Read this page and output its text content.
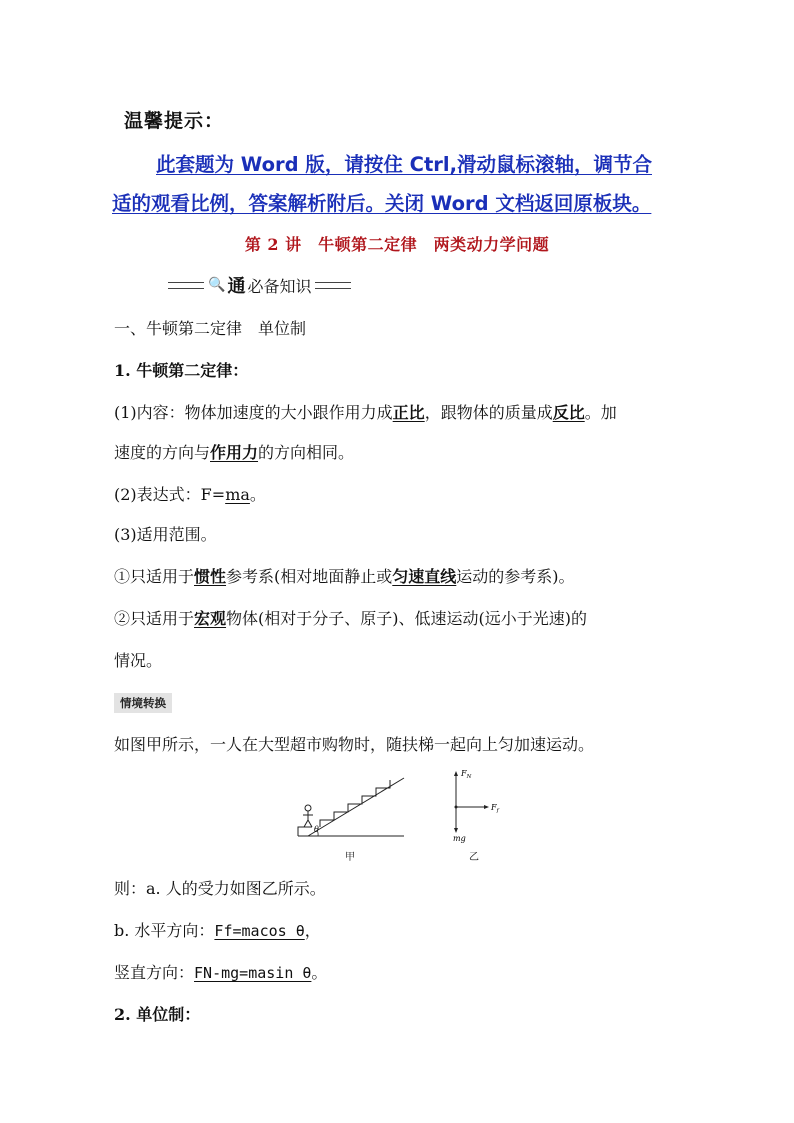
温馨提示：
此套题为 Word 版，请按住 Ctrl,滑动鼠标滚轴，调节合
适的观看比例，答案解析附后。关闭 Word 文档返回原板块。
第 2 讲　牛顿第二定律　两类动力学问题
🔍 通 必备知识
一、牛顿第二定律　单位制
1. 牛顿第二定律：
(1)内容：物体加速度的大小跟作用力成正比，跟物体的质量成反比。加
速度的方向与作用力的方向相同。
(2)表达式：F=ma。
(3)适用范围。
①只适用于惯性参考系(相对地面静止或匀速直线运动的参考系)。
②只适用于宏观物体(相对于分子、原子)、低速运动(远小于光速)的
情况。
情境转换
如图甲所示，一人在大型超市购物时，随扶梯一起向上匀加速运动。
θ
甲
$F_N$
$F_f$
mg
乙
则：a. 人的受力如图乙所示。
b. 水平方向：Ff=macos θ，
竖直方向：FN-mg=masin θ。
2. 单位制：
